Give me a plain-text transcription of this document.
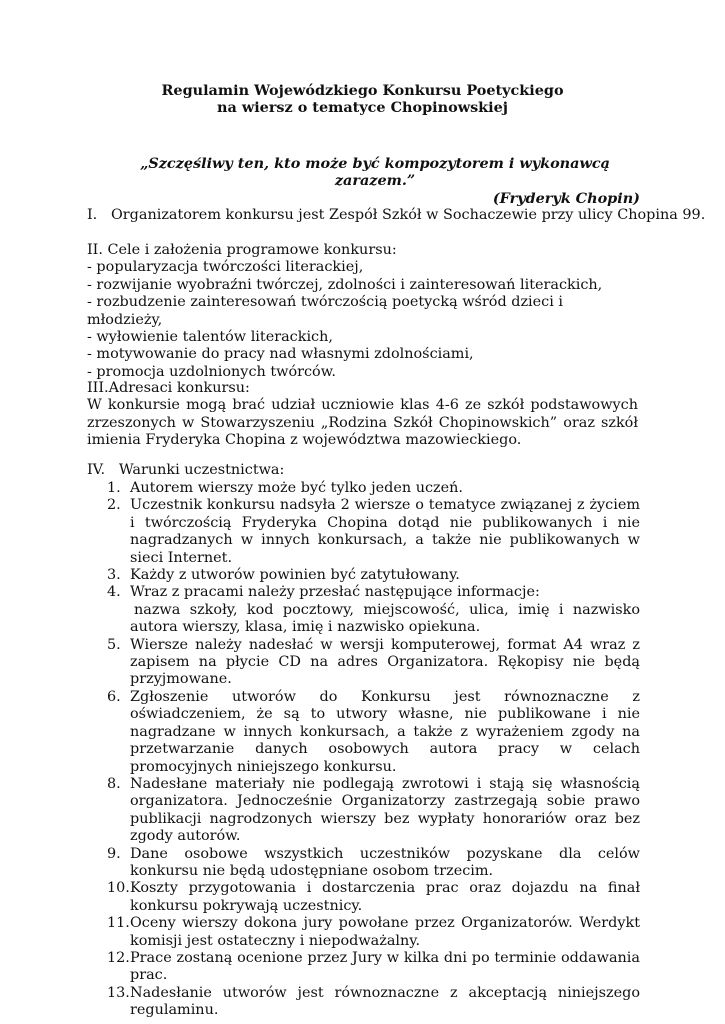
Regulamin Wojewódzkiego Konkursu Poetyckiego
na wiersz o tematyce Chopinowskiej
„Szczęśliwy ten, kto może być kompozytorem i wykonawcą zarazem.”
(Fryderyk Chopin)
I.   Organizatorem konkursu jest Zespół Szkół w Sochaczewie przy ulicy Chopina 99.
II. Cele i założenia programowe konkursu:
- popularyzacja twórczości literackiej,
- rozwijanie wyobraźni twórczej, zdolności i zainteresowań literackich,
- rozbudzenie zainteresowań twórczością poetycką wśród dzieci i młodzieży,
- wyłowienie talentów literackich,
- motywowanie do pracy nad własnymi zdolnościami,
- promocja uzdolnionych twórców.
III.Adresaci konkursu:
W konkursie mogą brać udział uczniowie klas 4-6 ze szkół podstawowych zrzeszonych w Stowarzyszeniu „Rodzina Szkół Chopinowskich” oraz szkół imienia Fryderyka Chopina z województwa mazowieckiego.
IV.   Warunki uczestnictwa:
1. Autorem wierszy może być tylko jeden uczeń.
2. Uczestnik konkursu nadsyła 2 wiersze o tematyce związanej z życiem i twórczością Fryderyka Chopina dotąd nie publikowanych i nie nagradzanych w innych konkursach, a także nie publikowanych w sieci Internet.
3. Każdy z utworów powinien być zatytułowany.
4. Wraz z pracami należy przesłać następujące informacje:
nazwa szkoły, kod pocztowy, miejscowość, ulica, imię i nazwisko autora wierszy, klasa, imię i nazwisko opiekuna.
5. Wiersze należy nadesłać w wersji komputerowej, format A4 wraz z zapisem na płycie CD na adres Organizatora. Rękopisy nie będą przyjmowane.
6. Zgłoszenie utworów do Konkursu jest równoznaczne z oświadczeniem, że są to utwory własne, nie publikowane i nie nagradzane w innych konkursach, a także z wyrażeniem zgody na przetwarzanie danych osobowych autora pracy w celach promocyjnych niniejszego konkursu.
8. Nadesłane materiały nie podlegają zwrotowi i stają się własnością organizatora. Jednocześnie Organizatorzy zastrzegają sobie prawo publikacji nagrodzonych wierszy bez wypłaty honorariów oraz bez zgody autorów.
9. Dane osobowe wszystkich uczestników pozyskane dla celów konkursu nie będą udostępniane osobom trzecim.
10. Koszty przygotowania i dostarczenia prac oraz dojazdu na finał konkursu pokrywają uczestnicy.
11. Oceny wierszy dokona jury powołane przez Organizatorów. Werdykt komisji jest ostateczny i niepodważalny.
12. Prace zostaną ocenione przez Jury w kilka dni po terminie oddawania prac.
13. Nadesłanie utworów jest równoznaczne z akceptacją niniejszego regulaminu.
